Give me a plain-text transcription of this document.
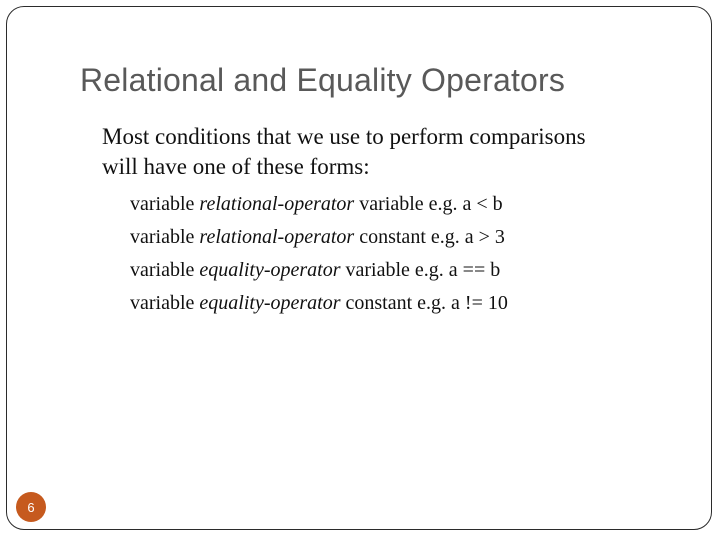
Relational and Equality Operators
Most conditions that we use to perform comparisons
will have one of these forms:
variable relational-operator variable e.g. a < b
variable relational-operator constant e.g. a > 3
variable equality-operator variable e.g. a == b
variable equality-operator constant e.g. a != 10
6
